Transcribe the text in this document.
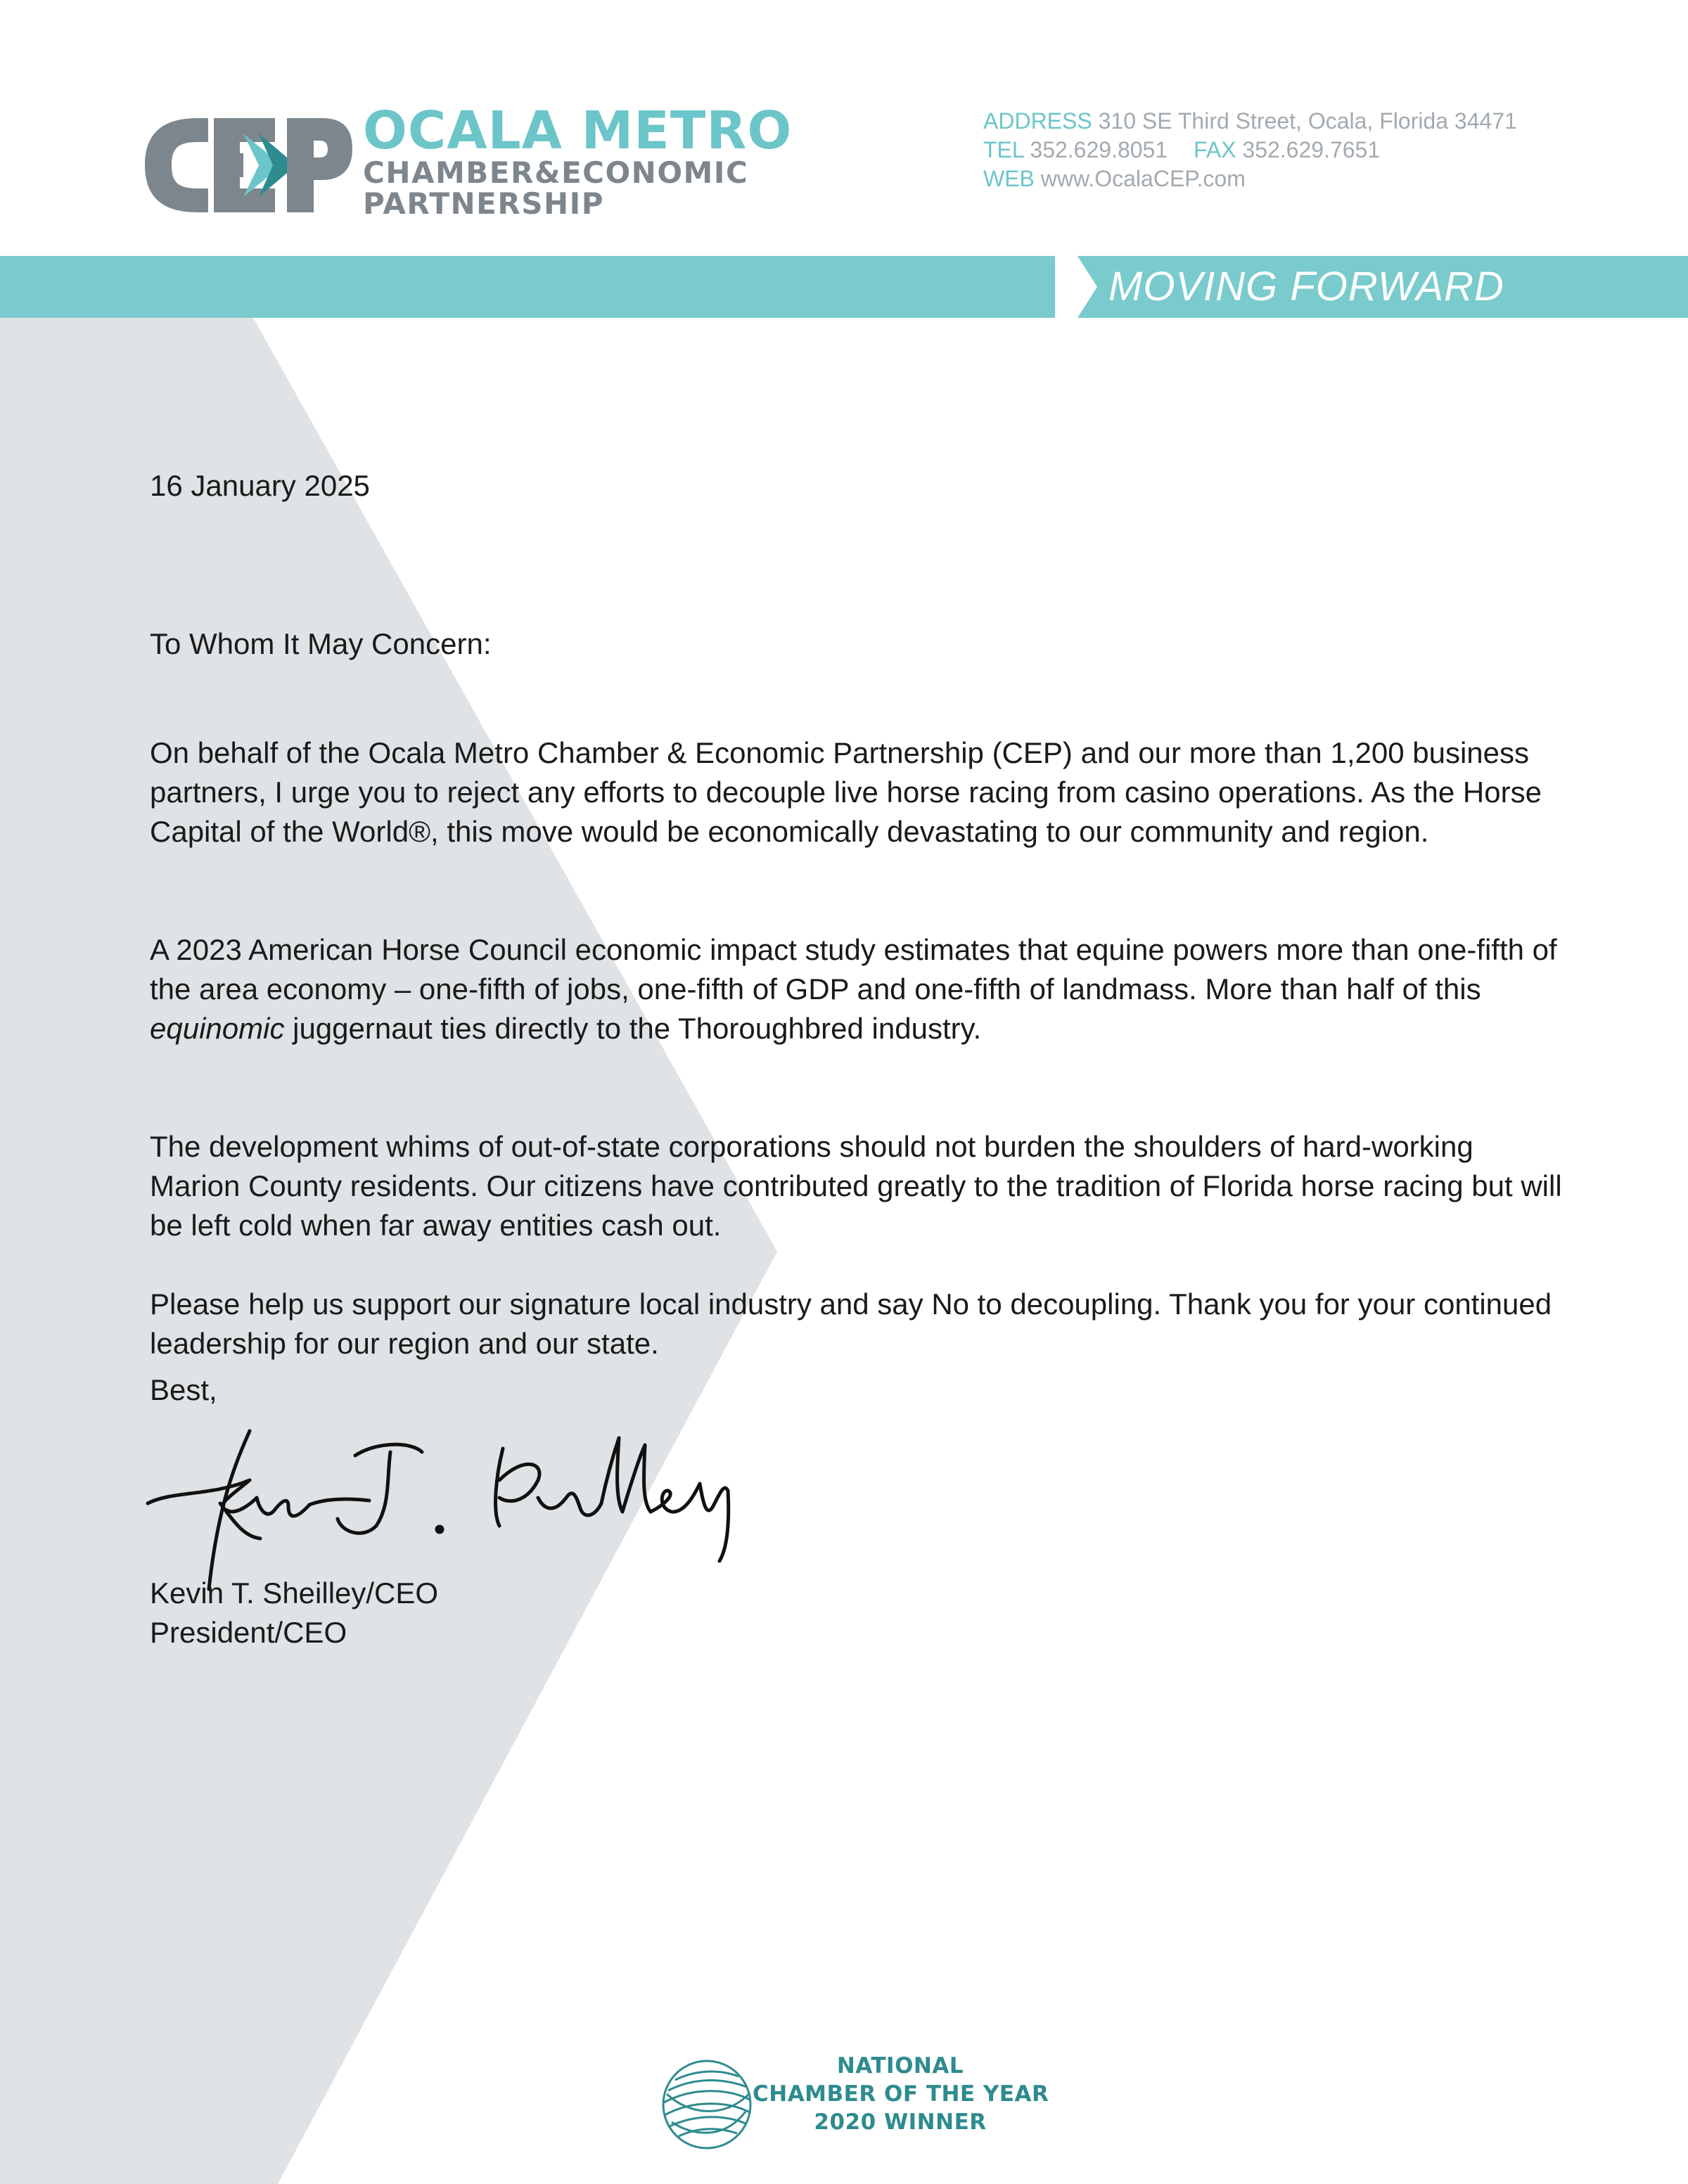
OCALA METRO
CHAMBER&ECONOMIC
PARTNERSHIP
ADDRESS 310 SE Third Street, Ocala, Florida 34471
TEL 352.629.8051 FAX 352.629.7651
WEB www.OcalaCEP.com
MOVING FORWARD
16 January 2025
To Whom It May Concern:

On behalf of the Ocala Metro Chamber & Economic Partnership (CEP) and our more than 1,200 business partners, I urge you to reject any efforts to decouple live horse racing from casino operations. As the Horse Capital of the World®, this move would be economically devastating to our community and region.

A 2023 American Horse Council economic impact study estimates that equine powers more than one-fifth of the area economy – one-fifth of jobs, one-fifth of GDP and one-fifth of landmass. More than half of this equinomic juggernaut ties directly to the Thoroughbred industry.

The development whims of out-of-state corporations should not burden the shoulders of hard-working Marion County residents. Our citizens have contributed greatly to the tradition of Florida horse racing but will be left cold when far away entities cash out.

Please help us support our signature local industry and say No to decoupling. Thank you for your continued leadership for our region and our state.

Best,
Kevin T. Sheilley/CEO
President/CEO
NATIONAL
CHAMBER OF THE YEAR
2020 WINNER
